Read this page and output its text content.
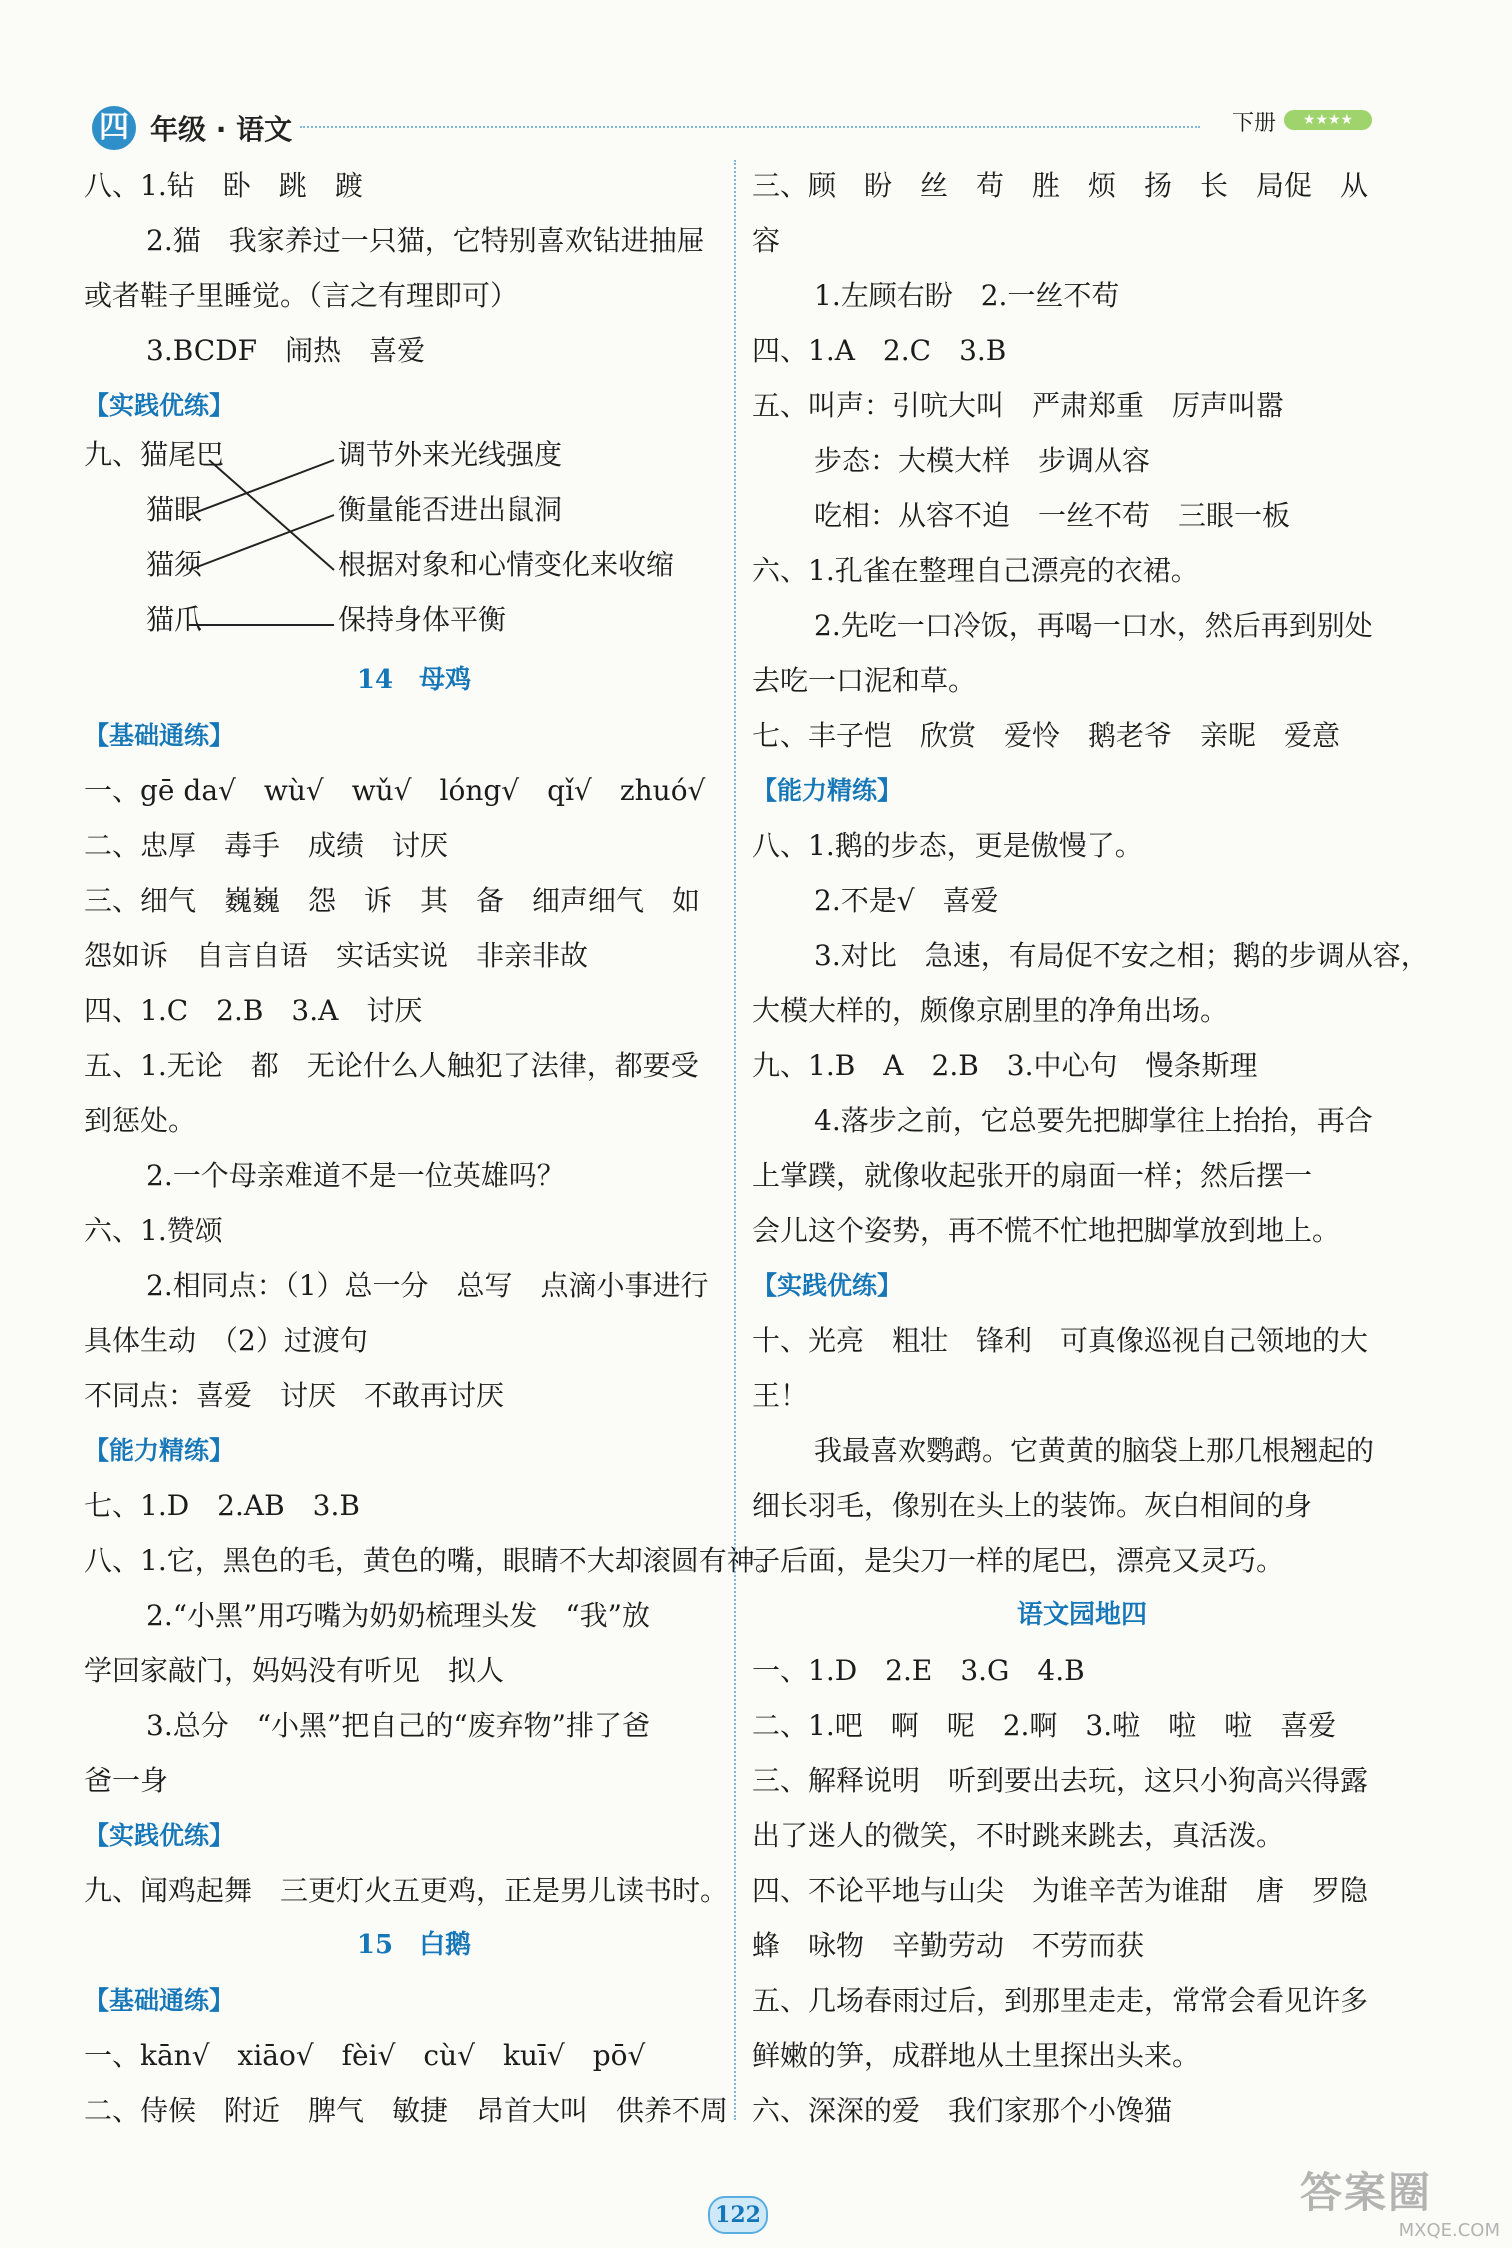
四 年级 · 语文	下册	★★★★
八、1.钻　卧　跳　踱
2.猫　我家养过一只猫，它特别喜欢钻进抽屉
或者鞋子里睡觉。（言之有理即可）
3.BCDF　闹热　喜爱
【实践优练】
九、猫尾巴
猫眼
猫须
猫爪
调节外来光线强度
衡量能否进出鼠洞
根据对象和心情变化来收缩
保持身体平衡
14　母鸡
【基础通练】
一、gē da√　wù√　wǔ√　lóng√　qǐ√　zhuó√
二、忠厚　毒手　成绩　讨厌
三、细气　巍巍　怨　诉　其　备　细声细气　如
怨如诉　自言自语　实话实说　非亲非故
四、1.C　2.B　3.A　讨厌
五、1.无论　都　无论什么人触犯了法律，都要受
到惩处。
2.一个母亲难道不是一位英雄吗？
六、1.赞颂
2.相同点：（1）总一分　总写　点滴小事进行
具体生动　（2）过渡句
不同点：喜爱　讨厌　不敢再讨厌
【能力精练】
七、1.D　2.AB　3.B
八、1.它，黑色的毛，黄色的嘴，眼睛不大却滚圆有神。
2.“小黑”用巧嘴为奶奶梳理头发　“我”放
学回家敲门，妈妈没有听见　拟人
3.总分　“小黑”把自己的“废弃物”排了爸
爸一身
【实践优练】
九、闻鸡起舞　三更灯火五更鸡，正是男儿读书时。
15　白鹅
【基础通练】
一、kān√　xiāo√　fèi√　cù√　kuī√　pō√
二、侍候　附近　脾气　敏捷　昂首大叫　供养不周
三、顾　盼　丝　苟　胜　烦　扬　长　局促　从
容
1.左顾右盼　2.一丝不苟
四、1.A　2.C　3.B
五、叫声：引吭大叫　严肃郑重　厉声叫嚣
步态：大模大样　步调从容
吃相：从容不迫　一丝不苟　三眼一板
六、1.孔雀在整理自己漂亮的衣裙。
2.先吃一口冷饭，再喝一口水，然后再到别处
去吃一口泥和草。
七、丰子恺　欣赏　爱怜　鹅老爷　亲昵　爱意
【能力精练】
八、1.鹅的步态，更是傲慢了。
2.不是√　喜爱
3.对比　急速，有局促不安之相；鹅的步调从容，
大模大样的，颇像京剧里的净角出场。
九、1.B　A　2.B　3.中心句　慢条斯理
4.落步之前，它总要先把脚掌往上抬抬，再合
上掌蹼，就像收起张开的扇面一样；然后摆一
会儿这个姿势，再不慌不忙地把脚掌放到地上。
【实践优练】
十、光亮　粗壮　锋利　可真像巡视自己领地的大
王！
我最喜欢鹦鹉。它黄黄的脑袋上那几根翘起的
细长羽毛，像别在头上的装饰。灰白相间的身
子后面，是尖刀一样的尾巴，漂亮又灵巧。
语文园地四
一、1.D　2.E　3.G　4.B
二、1.吧　啊　呢　2.啊　3.啦　啦　啦　喜爱
三、解释说明　听到要出去玩，这只小狗高兴得露
出了迷人的微笑，不时跳来跳去，真活泼。
四、不论平地与山尖　为谁辛苦为谁甜　唐　罗隐
蜂　咏物　辛勤劳动　不劳而获
五、几场春雨过后，到那里走走，常常会看见许多
鲜嫩的笋，成群地从土里探出头来。
六、深深的爱　我们家那个小馋猫
122	答案圈
MXQE.COM
